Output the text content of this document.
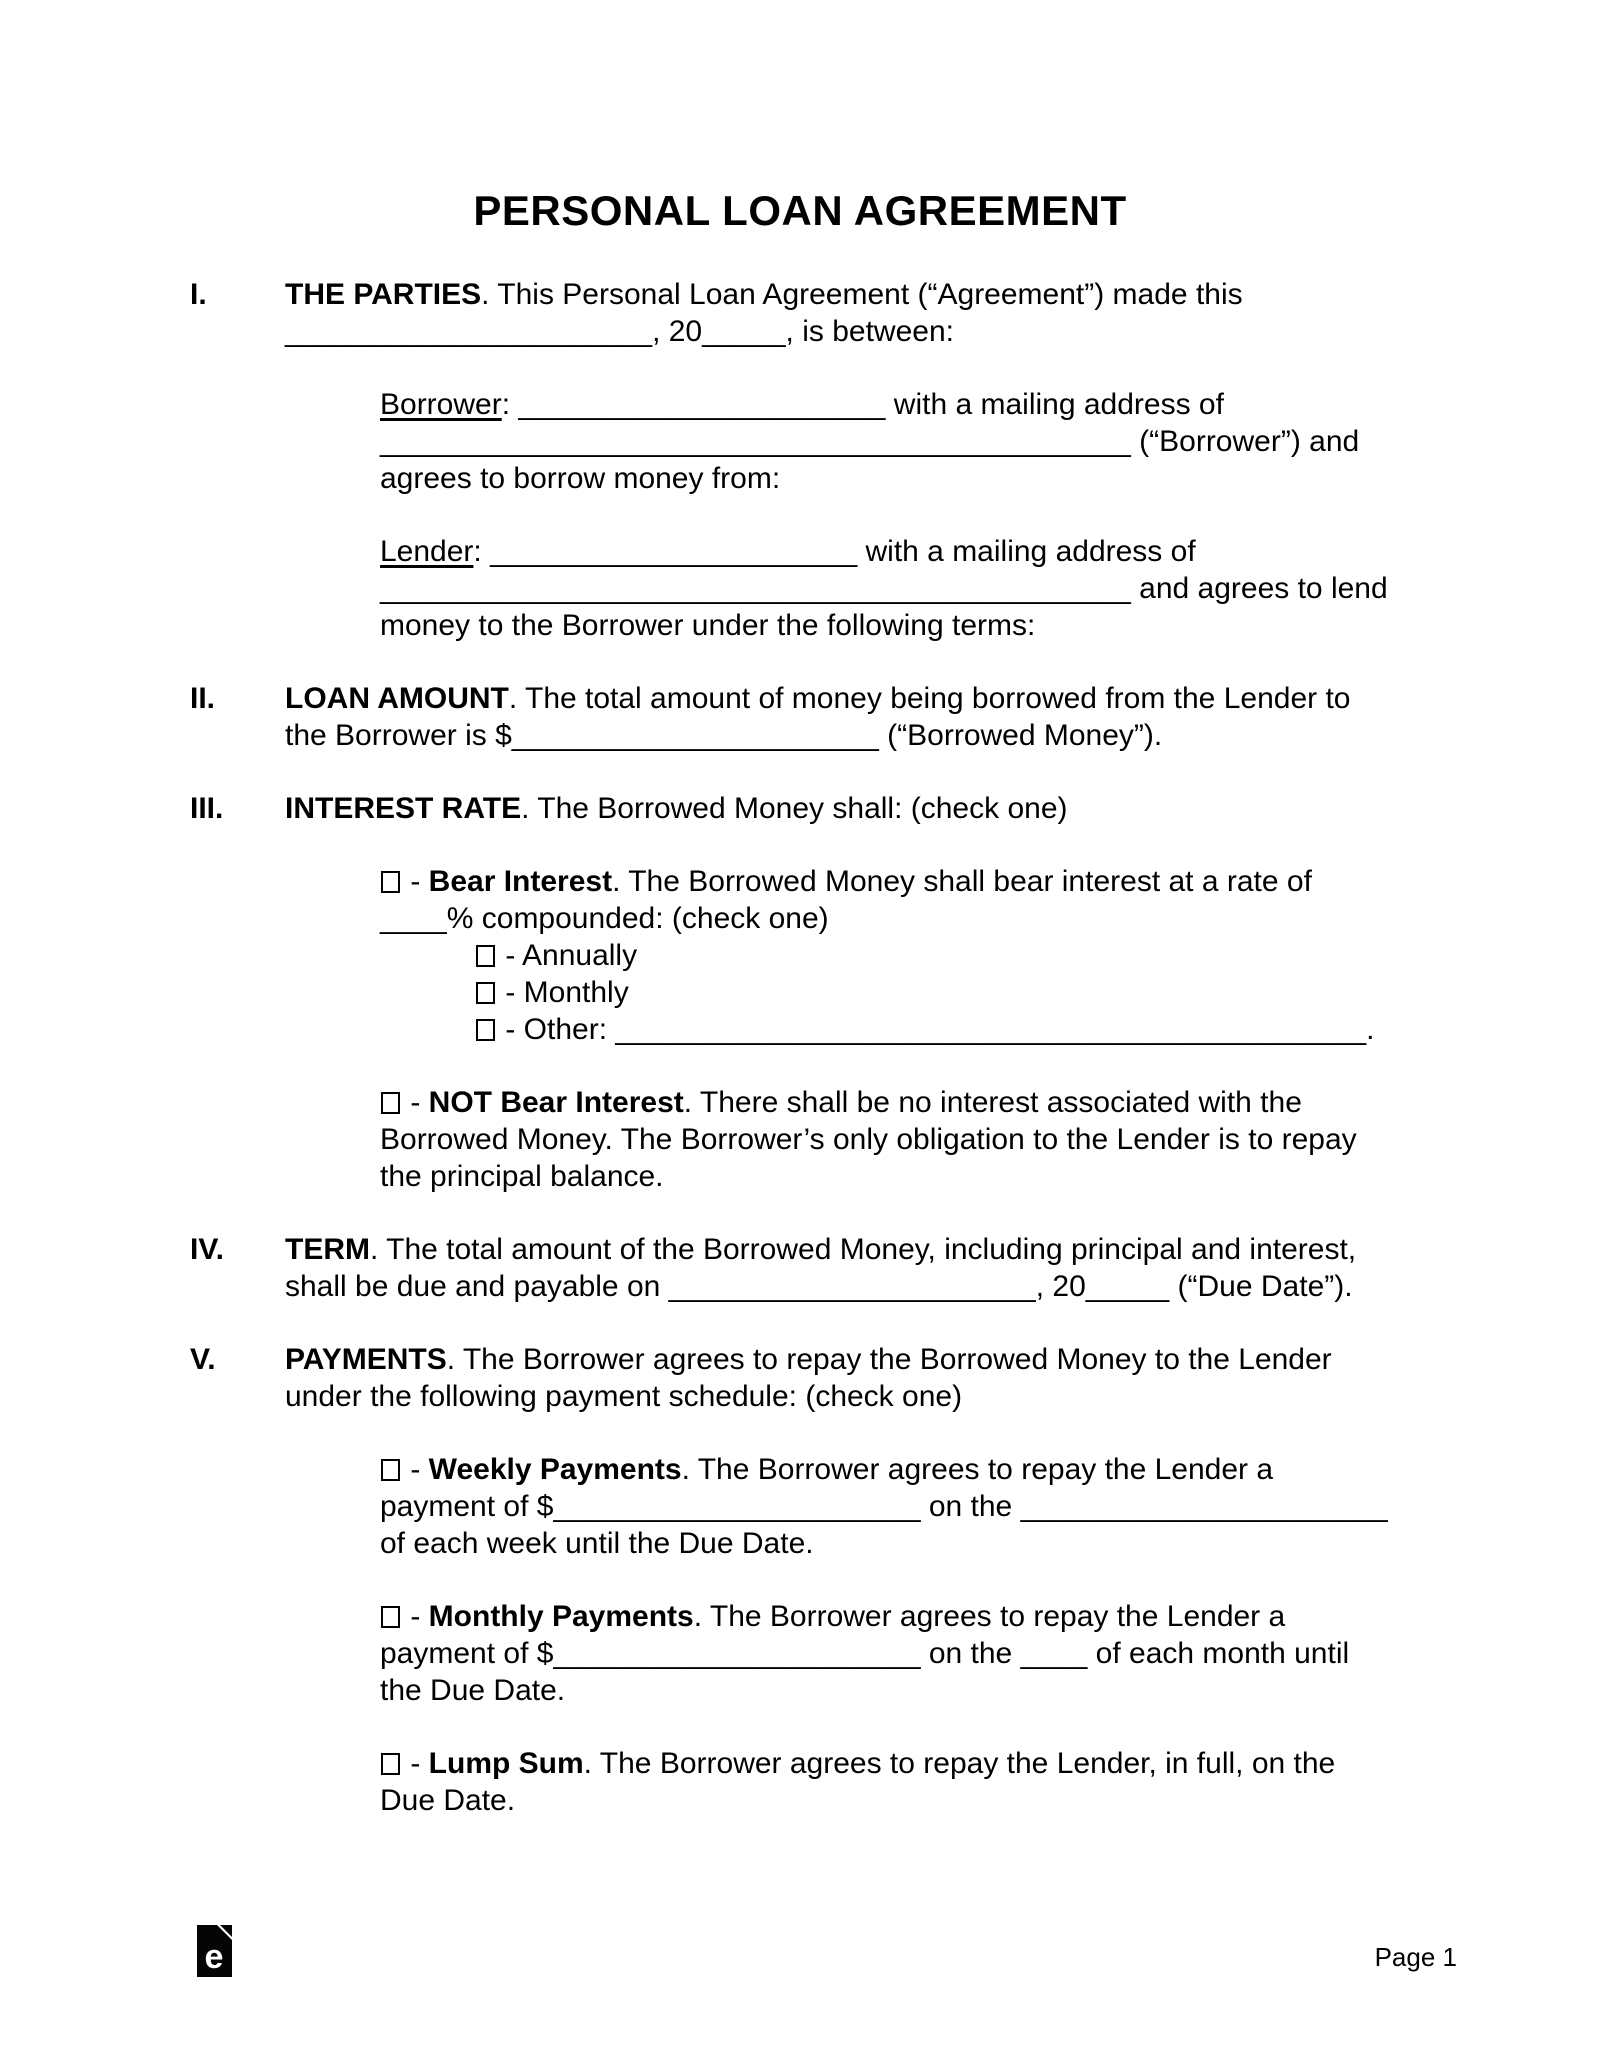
PERSONAL LOAN AGREEMENT
I.	THE PARTIES. This Personal Loan Agreement (“Agreement”) made this
______________________, 20_____, is between:
Borrower: ______________________ with a mailing address of
_____________________________________________ (“Borrower”) and
agrees to borrow money from:
Lender: ______________________ with a mailing address of
_____________________________________________ and agrees to lend
money to the Borrower under the following terms:
II. LOAN AMOUNT. The total amount of money being borrowed from the Lender to
the Borrower is $______________________ (“Borrowed Money”).
III. INTEREST RATE. The Borrowed Money shall: (check one)
- Bear Interest. The Borrowed Money shall bear interest at a rate of
____% compounded: (check one)
- Annually
- Monthly
- Other: _____________________________________________.
- NOT Bear Interest. There shall be no interest associated with the
Borrowed Money. The Borrower’s only obligation to the Lender is to repay
the principal balance.
IV. TERM. The total amount of the Borrowed Money, including principal and interest,
shall be due and payable on ______________________, 20_____ (“Due Date”).
V. PAYMENTS. The Borrower agrees to repay the Borrowed Money to the Lender
under the following payment schedule: (check one)
- Weekly Payments. The Borrower agrees to repay the Lender a
payment of $______________________ on the ______________________
of each week until the Due Date.
- Monthly Payments. The Borrower agrees to repay the Lender a
payment of $______________________ on the ____ of each month until
the Due Date.
- Lump Sum. The Borrower agrees to repay the Lender, in full, on the
Due Date.
e	Page 1
